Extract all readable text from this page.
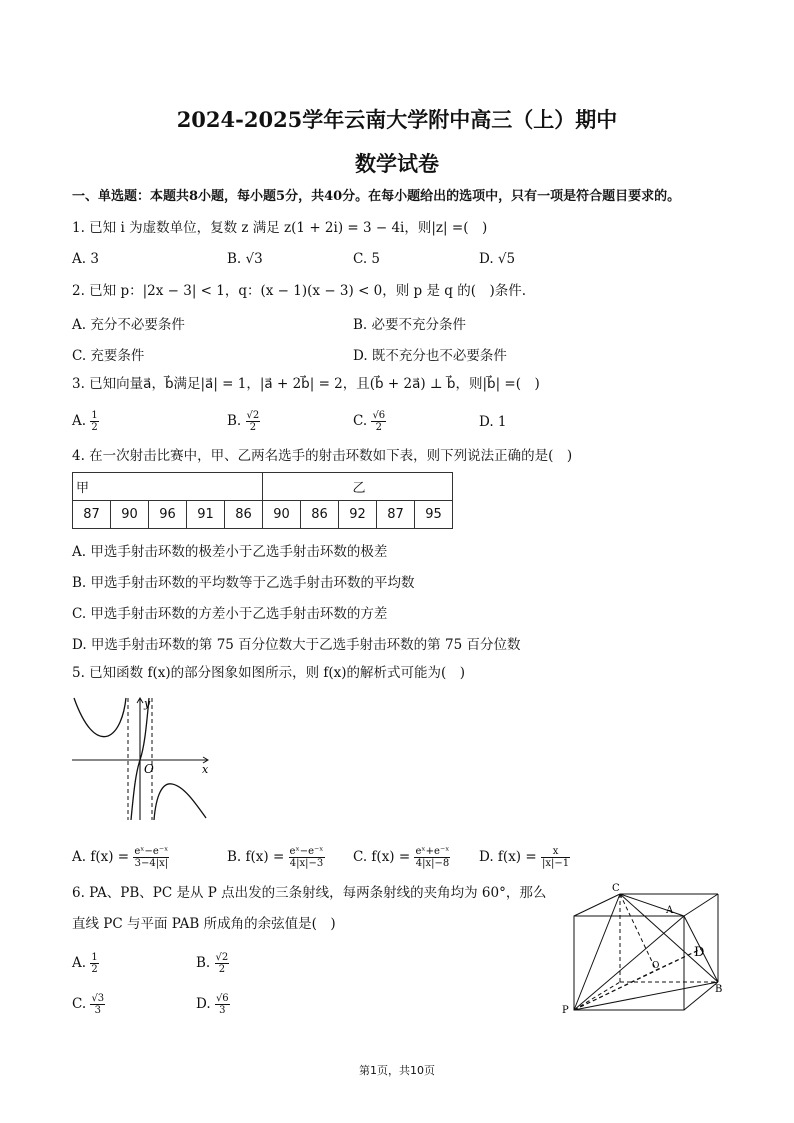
2024-2025学年云南大学附中高三（上）期中
数学试卷
一、单选题：本题共8小题，每小题5分，共40分。在每小题给出的选项中，只有一项是符合题目要求的。
1. 已知 i 为虚数单位，复数 z 满足 z(1 + 2i) = 3 − 4i，则|z| =(　)
A. 3	B. √3	C. 5	D. √5
2. 已知 p：|2x − 3| < 1，q：(x − 1)(x − 3) < 0，则 p 是 q 的(　)条件.
A. 充分不必要条件	B. 必要不充分条件
C. 充要条件	D. 既不充分也不必要条件
3. 已知向量a⃗，b⃗满足|a⃗| = 1，|a⃗ + 2b⃗| = 2，且(b⃗ + 2a⃗) ⊥ b⃗，则|b⃗| =(　)
A. $\frac{1}{2}$	B. $\frac{√2}{2}$	C. $\frac{√6}{2}$	D. 1
4. 在一次射击比赛中，甲、乙两名选手的射击环数如下表，则下列说法正确的是(　)
甲					乙				
87	90	96	91	86	90	86	92	87	95
A. 甲选手射击环数的极差小于乙选手射击环数的极差
B. 甲选手射击环数的平均数等于乙选手射击环数的平均数
C. 甲选手射击环数的方差小于乙选手射击环数的方差
D. 甲选手射击环数的第 75 百分位数大于乙选手射击环数的第 75 百分位数
5. 已知函数 f(x)的部分图象如图所示，则 f(x)的解析式可能为(　)
y
x
O
A. $f(x) = \frac{\text{eˣ−e⁻ˣ}}{3-4|x|}$	B. $f(x) = \frac{\text{eˣ−e⁻ˣ}}{4|x|-3} C$. $f(x) = \frac{\text{eˣ+e⁻ˣ}}{4|x|-8} D$. $f(x) = \frac{x}{|x|-1}$
6. PA、PB、PC 是从 P 点出发的三条射线，每两条射线的夹角均为 60°，那么
直线 PC 与平面 PAB 所成角的余弦值是(　)
A. $\frac{1}{2}$	B. $\frac{√2}{2}$
C. $\frac{√3}{3}$	D. $\frac{√6}{3}$
C
A
D
O
B
P
第1页，共10页
